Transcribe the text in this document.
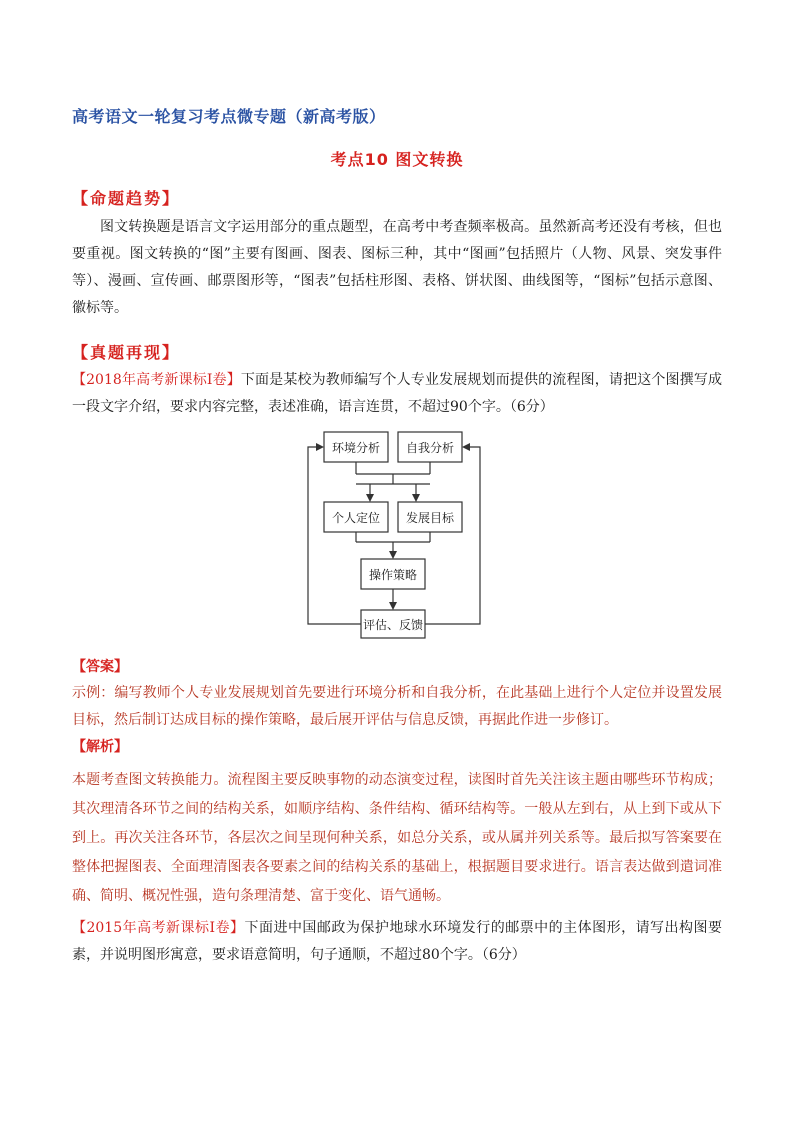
高考语文一轮复习考点微专题（新高考版）
考点10 图文转换
【命题趋势】
图文转换题是语言文字运用部分的重点题型，在高考中考查频率极高。虽然新高考还没有考核，但也要重视。图文转换的“图”主要有图画、图表、图标三种，其中“图画”包括照片（人物、风景、突发事件等）、漫画、宣传画、邮票图形等，“图表”包括柱形图、表格、饼状图、曲线图等，“图标”包括示意图、徽标等。
【真题再现】
【2018年高考新课标Ⅰ卷】下面是某校为教师编写个人专业发展规划而提供的流程图，请把这个图撰写成一段文字介绍，要求内容完整，表述准确，语言连贯，不超过90个字。（6分）
环境分析 自我分析
个人定位 发展目标
操作策略
评估、反馈
【答案】
示例：编写教师个人专业发展规划首先要进行环境分析和自我分析，在此基础上进行个人定位并设置发展目标，然后制订达成目标的操作策略，最后展开评估与信息反馈，再据此作进一步修订。
【解析】
本题考查图文转换能力。流程图主要反映事物的动态演变过程，读图时首先关注该主题由哪些环节构成；其次理清各环节之间的结构关系，如顺序结构、条件结构、循环结构等。一般从左到右，从上到下或从下到上。再次关注各环节，各层次之间呈现何种关系，如总分关系，或从属并列关系等。最后拟写答案要在整体把握图表、全面理清图表各要素之间的结构关系的基础上，根据题目要求进行。语言表达做到遣词准确、简明、概况性强，造句条理清楚、富于变化、语气通畅。
【2015年高考新课标Ⅰ卷】下面进中国邮政为保护地球水环境发行的邮票中的主体图形，请写出构图要素，并说明图形寓意，要求语意简明，句子通顺，不超过80个字。（6分）
